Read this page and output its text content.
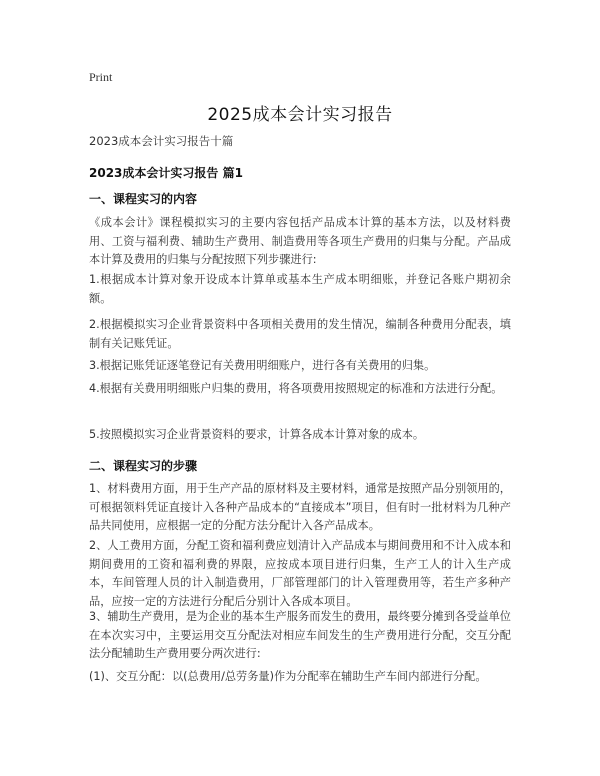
Print
2025成本会计实习报告
2023成本会计实习报告十篇
2023成本会计实习报告 篇1
一、课程实习的内容
《成本会计》课程模拟实习的主要内容包括产品成本计算的基本方法，以及材料费用、工资与福利费、辅助生产费用、制造费用等各项生产费用的归集与分配。产品成本计算及费用的归集与分配按照下列步骤进行:
1.根据成本计算对象开设成本计算单或基本生产成本明细账，并登记各账户期初余额。
2.根据模拟实习企业背景资料中各项相关费用的发生情况，编制各种费用分配表，填制有关记账凭证。
3.根据记账凭证逐笔登记有关费用明细账户，进行各有关费用的归集。
4.根据有关费用明细账户归集的费用，将各项费用按照规定的标准和方法进行分配。
5.按照模拟实习企业背景资料的要求，计算各成本计算对象的成本。
二、课程实习的步骤
1、材料费用方面，用于生产产品的原材料及主要材料，通常是按照产品分别领用的，可根据领料凭证直接计入各种产品成本的“直接成本”项目，但有时一批材料为几种产品共同使用，应根据一定的分配方法分配计入各产品成本。
2、人工费用方面，分配工资和福利费应划清计入产品成本与期间费用和不计入成本和期间费用的工资和福利费的界限，应按成本项目进行归集，生产工人的计入生产成本，车间管理人员的计入制造费用，厂部管理部门的计入管理费用等，若生产多种产品，应按一定的方法进行分配后分别计入各成本项目。
3、辅助生产费用，是为企业的基本生产服务而发生的费用，最终要分摊到各受益单位在本次实习中，主要运用交互分配法对相应车间发生的生产费用进行分配，交互分配法分配辅助生产费用要分两次进行:
(1)、交互分配：以(总费用/总劳务量)作为分配率在辅助生产车间内部进行分配。
